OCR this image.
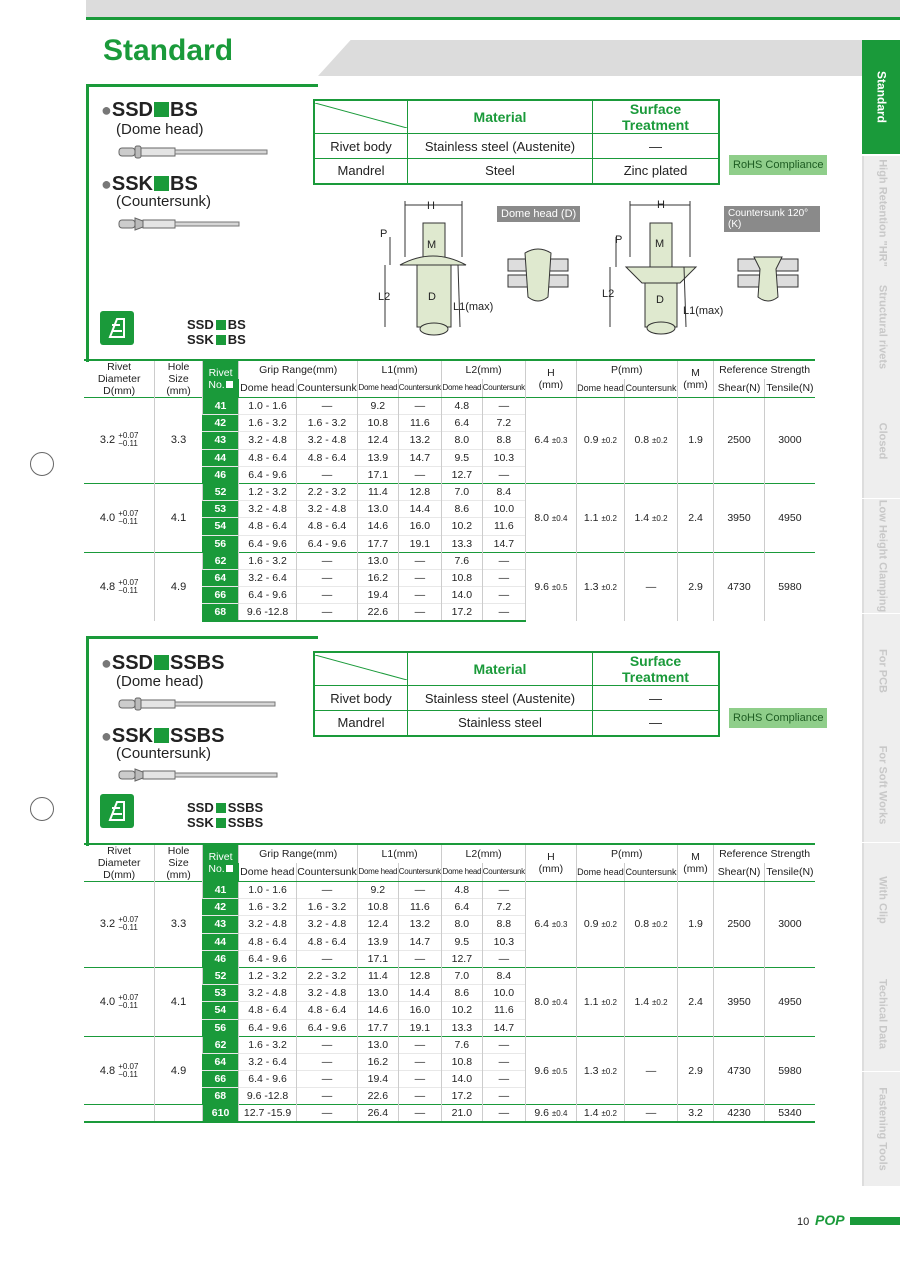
Standard
Standard
High Retention "HR"
Structural rivets
Closed
Low Height Clamping
For PCB
For Soft Works
With Clip
Techical Data
Fastening Tools
●SSD BS
(Dome head)
●SSK BS
(Countersunk)
SSD BS
SSK BS
	Material	Surface Treatment
Rivet body	Stainless steel (Austenite)	—
Mandrel	Steel	Zinc plated	RoHS Compliance
H
P
M
L2	D
L1(max)
Dome head (D)
H
P	M
L2	D
L1(max)
Countersunk 120° (K)
Rivet
Diameter
D(mm)	Hole
Size
(mm)	Rivet
No.	Grip Range(mm)		L1(mm)		L2(mm)		H
(mm)	P(mm)		M
(mm)	Reference Strength	
			Dome head	Countersunk	Dome head	Countersunk	Dome head	Countersunk		Dome head	Countersunk		Shear(N)	Tensile(N)
3.2 +0.07
−0.11	3.3	41	1.0 - 1.6	—	9.2	—	4.8	—	6.4 ±0.3	0.9 ±0.2	0.8 ±0.2	1.9	2500	3000
		42	1.6 - 3.2	1.6 - 3.2	10.8	11.6	6.4	7.2						
		43	3.2 - 4.8	3.2 - 4.8	12.4	13.2	8.0	8.8						
		44	4.8 - 6.4	4.8 - 6.4	13.9	14.7	9.5	10.3						
		46	6.4 - 9.6	—	17.1	—	12.7	—						
4.0 +0.07
−0.11	4.1	52	1.2 - 3.2	2.2 - 3.2	11.4	12.8	7.0	8.4	8.0 ±0.4	1.1 ±0.2	1.4 ±0.2	2.4	3950	4950
		53	3.2 - 4.8	3.2 - 4.8	13.0	14.4	8.6	10.0						
		54	4.8 - 6.4	4.8 - 6.4	14.6	16.0	10.2	11.6						
		56	6.4 - 9.6	6.4 - 9.6	17.7	19.1	13.3	14.7						
4.8 +0.07
−0.11	4.9	62	1.6 - 3.2	—	13.0	—	7.6	—	9.6 ±0.5	1.3 ±0.2	—	2.9	4730	5980
		64	3.2 - 6.4	—	16.2	—	10.8	—						
		66	6.4 - 9.6	—	19.4	—	14.0	—						
		68	9.6 -12.8	—	22.6	—	17.2	—						
●SSD SSBS
(Dome head)
●SSK SSBS
(Countersunk)
SSD SSBS
SSK SSBS
	Material	Surface Treatment
Rivet body	Stainless steel (Austenite)	—
Mandrel	Stainless steel	—	RoHS Compliance
Rivet
Diameter
D(mm)	Hole
Size
(mm)	Rivet
No.	Grip Range(mm)		L1(mm)		L2(mm)		H
(mm)	P(mm)		M
(mm)	Reference Strength	
			Dome head	Countersunk	Dome head	Countersunk	Dome head	Countersunk		Dome head	Countersunk		Shear(N)	Tensile(N)
3.2 +0.07
−0.11	3.3	41	1.0 - 1.6	—	9.2	—	4.8	—	6.4 ±0.3	0.9 ±0.2	0.8 ±0.2	1.9	2500	3000
		42	1.6 - 3.2	1.6 - 3.2	10.8	11.6	6.4	7.2						
		43	3.2 - 4.8	3.2 - 4.8	12.4	13.2	8.0	8.8						
		44	4.8 - 6.4	4.8 - 6.4	13.9	14.7	9.5	10.3						
		46	6.4 - 9.6	—	17.1	—	12.7	—						
4.0 +0.07
−0.11	4.1	52	1.2 - 3.2	2.2 - 3.2	11.4	12.8	7.0	8.4	8.0 ±0.4	1.1 ±0.2	1.4 ±0.2	2.4	3950	4950
		53	3.2 - 4.8	3.2 - 4.8	13.0	14.4	8.6	10.0						
		54	4.8 - 6.4	4.8 - 6.4	14.6	16.0	10.2	11.6						
		56	6.4 - 9.6	6.4 - 9.6	17.7	19.1	13.3	14.7						
4.8 +0.07
−0.11	4.9	62	1.6 - 3.2	—	13.0	—	7.6	—	9.6 ±0.5	1.3 ±0.2	—	2.9	4730	5980
		64	3.2 - 6.4	—	16.2	—	10.8	—						
		66	6.4 - 9.6	—	19.4	—	14.0	—						
		68	9.6 -12.8	—	22.6	—	17.2	—						
		610	12.7 -15.9	—	26.4	—	21.0	—	9.6 ±0.4	1.4 ±0.2	—	3.2	4230	5340
10 POP
